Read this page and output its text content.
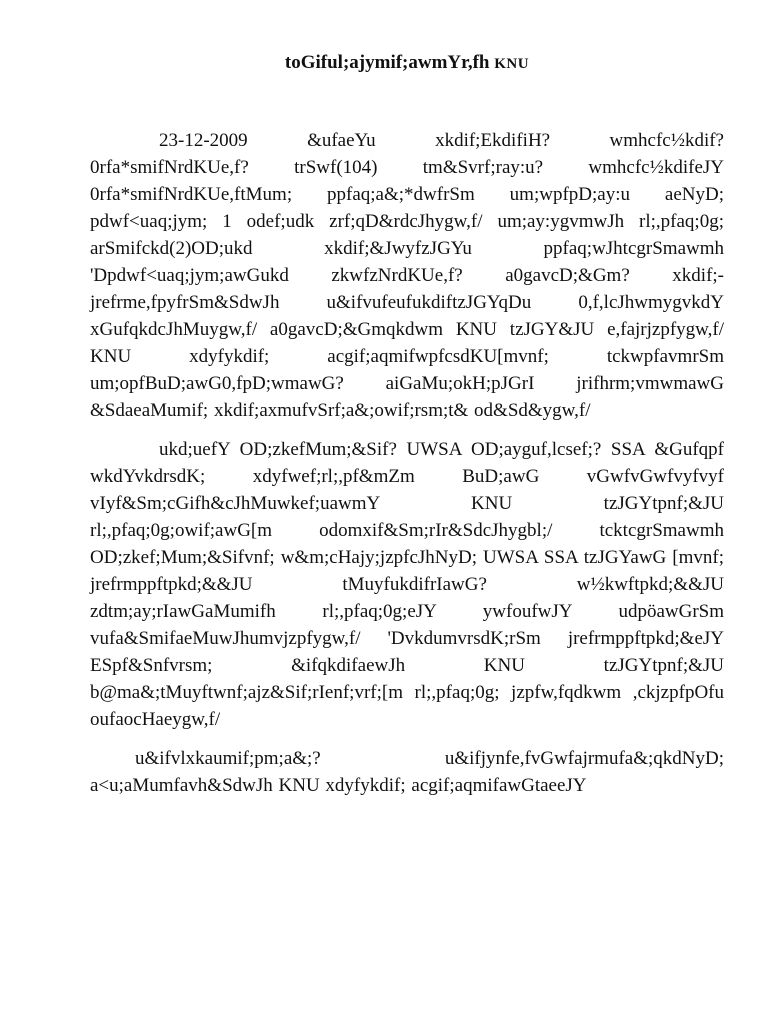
toGiful;ajymif;awmYr,fh KNU

23-12-2009 &ufaeYu xkdif;EkdifiH? wmhcfc½kdif? 0rfa*smifNrdKUe,f? trSwf(104) tm&Svrf;ray:u? wmhcfc½kdifeJY 0rfa*smifNrdKUe,ftMum; ppfaq;a&;*dwfrSm um;wpfpD;ay:u aeNyD; pdwf<uaq;jym; 1 odef;udk zrf;qD&rdcJhygw,f/ um;ay:ygvmwJh rl;,pfaq;0g; arSmifckd(2)OD;ukd xkdif;&JwyfzJGYu ppfaq;wJhtcgrSmawmh 'Dpdwf<uaq;jym;awGukd zkwfzNrdKUe,f? a0gavcD;&Gm? xkdif;-jrefrme,fpyfrSm&SdwJh u&ifvufeufukdiftzJGYqDu 0,f,lcJhwmygvkdY xGufqkdcJhMuygw,f/ a0gavcD;&Gmqkdwm KNU tzJGY&JU e,fajrjzpfygw,f/ KNU xdyfykdif; acgif;aqmifwpfcsdKU[mvnf; tckwpfavmrSm um;opfBuD;awG0,fpD;wmawG? aiGaMu;okH;pJGrI jrifhrm;vmwmawG &SdaeaMumif; xkdif;axmufvSrf;a&;owif;rsm;t& od&Sd&ygw,f/

ukd;uefY OD;zkefMum;&Sif? UWSA OD;ayguf,lcsef;? SSA &Gufqpf wkdYvkdrsdK; xdyfwef;rl;,pf&mZm BuD;awG vGwfvGwfvyfvyf vIyf&Sm;cGifh&cJhMuwkef;uawmY KNU tzJGYtpnf;&JU rl;,pfaq;0g;owif;awG[m odomxif&Sm;rIr&SdcJhygbl;/ tcktcgrSmawmh OD;zkef;Mum;&Sifvnf; w&m;cHajy;jzpfcJhNyD; UWSA SSA tzJGYawG [mvnf; jrefrmppftpkd;&&JU tMuyfukdifrIawG? w½kwftpkd;&&JU zdtm;ay;rIawGaMumifh rl;,pfaq;0g;eJY ywfoufwJY udpöawGrSm vufa&SmifaeMuwJhumvjzpfygw,f/ 'DvkdumvrsdK;rSm jrefrmppftpkd;&eJY ESpf&Snfvrsm; &ifqkdifaewJh KNU tzJGYtpnf;&JU b@ma&;tMuyftwnf;ajz&Sif;rIenf;vrf;[m rl;,pfaq;0g; jzpfw,fqdkwm ,ckjzpfpOfu oufaocHaeygw,f/

u&ifvlxkaumif;pm;a&;? u&ifjynfe,fvGwfajrmufa&;qkdNyD; a<u;aMumfavh&SdwJh KNU xdyfykdif; acgif;aqmifawGtaeeJY
